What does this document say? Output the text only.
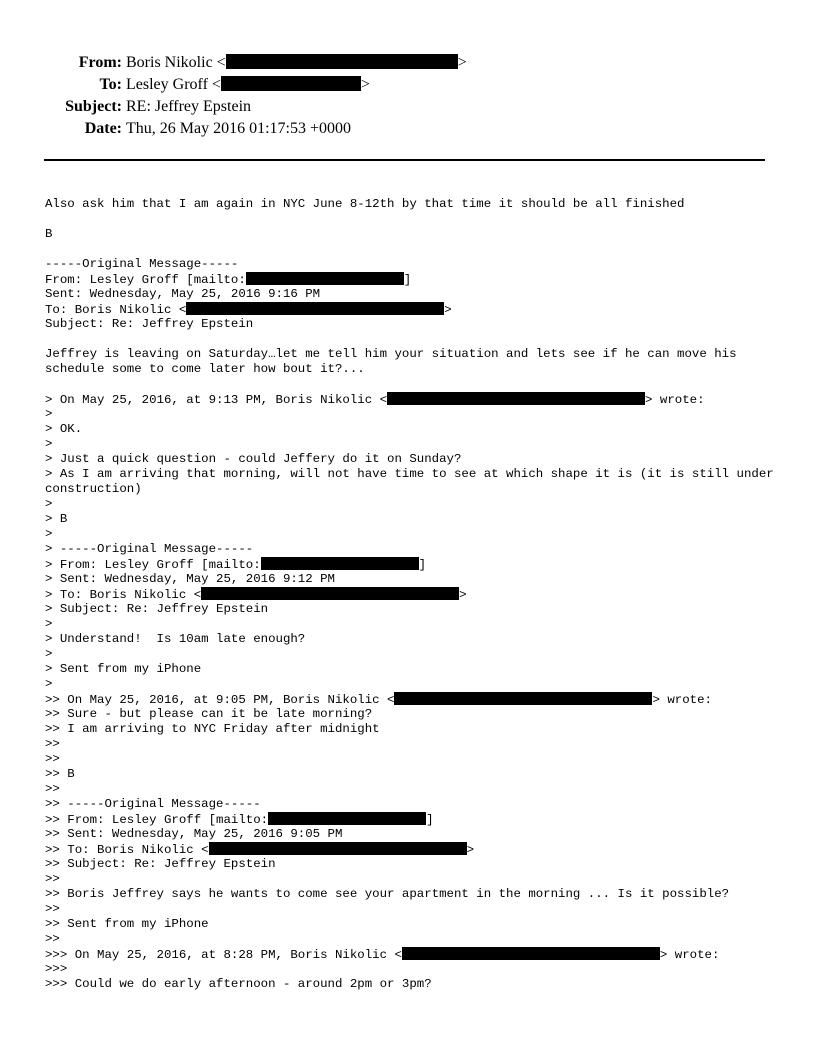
From: Boris Nikolic <	>
To: Lesley Groff <	>
Subject: RE: Jeffrey Epstein
Date: Thu, 26 May 2016 01:17:53 +0000
Also ask him that I am again in NYC June 8-12th by that time it should be all finished
B
-----Original Message-----
From: Lesley Groff [mailto:	]
Sent: Wednesday, May 25, 2016 9:16 PM
To: Boris Nikolic <	>
Subject: Re: Jeffrey Epstein
Jeffrey is leaving on Saturday…let me tell him your situation and lets see if he can move his schedule some to come later how bout it?...
> On May 25, 2016, at 9:13 PM, Boris Nikolic <	> wrote:
>
> OK.
>
> Just a quick question - could Jeffery do it on Sunday?
> As I am arriving that morning, will not have time to see at which shape it is (it is still under construction)
>
> B
>
> -----Original Message-----
> From: Lesley Groff [mailto:	]
> Sent: Wednesday, May 25, 2016 9:12 PM
> To: Boris Nikolic <	>
> Subject: Re: Jeffrey Epstein
>
> Understand!  Is 10am late enough?
>
> Sent from my iPhone
>
>> On May 25, 2016, at 9:05 PM, Boris Nikolic <	> wrote:
>> Sure - but please can it be late morning?
>> I am arriving to NYC Friday after midnight
>>
>>
>> B
>>
>> -----Original Message-----
>> From: Lesley Groff [mailto:	]
>> Sent: Wednesday, May 25, 2016 9:05 PM
>> To: Boris Nikolic <	>
>> Subject: Re: Jeffrey Epstein
>>
>> Boris Jeffrey says he wants to come see your apartment in the morning ... Is it possible?
>>
>> Sent from my iPhone
>>
>>> On May 25, 2016, at 8:28 PM, Boris Nikolic <	> wrote:
>>>
>>> Could we do early afternoon - around 2pm or 3pm?
